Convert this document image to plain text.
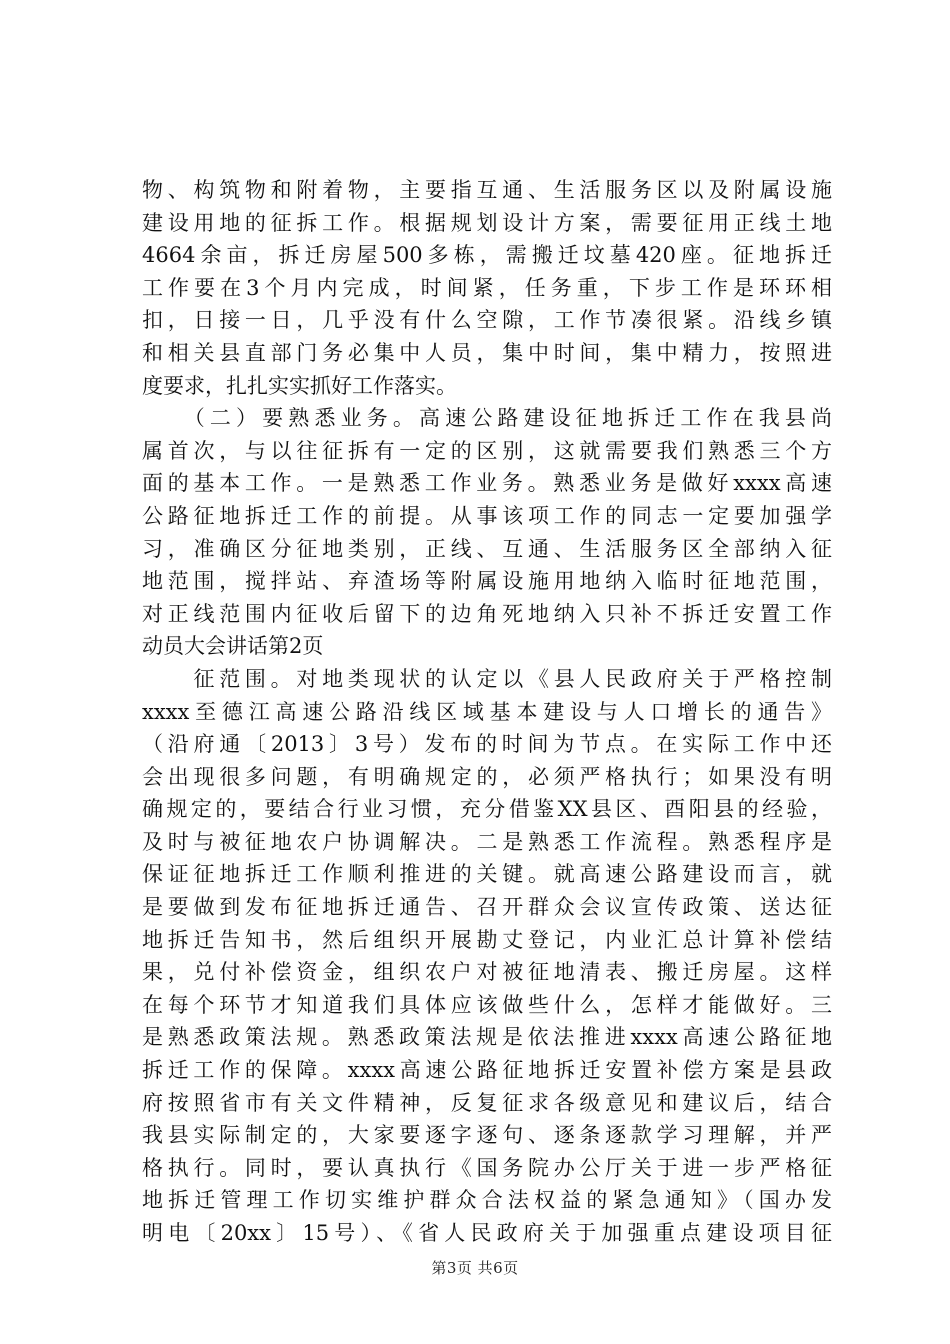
物、构筑物和附着物，主要指互通、生活服务区以及附属设施
建设用地的征拆工作。根据规划设计方案，需要征用正线土地
4664余亩，拆迁房屋500多栋，需搬迁坟墓420座。征地拆迁
工作要在3个月内完成，时间紧，任务重，下步工作是环环相
扣，日接一日，几乎没有什么空隙，工作节凑很紧。沿线乡镇
和相关县直部门务必集中人员，集中时间，集中精力，按照进
度要求，扎扎实实抓好工作落实。
　　（二）要熟悉业务。高速公路建设征地拆迁工作在我县尚
属首次，与以往征拆有一定的区别，这就需要我们熟悉三个方
面的基本工作。一是熟悉工作业务。熟悉业务是做好xxxx高速
公路征地拆迁工作的前提。从事该项工作的同志一定要加强学
习，准确区分征地类别，正线、互通、生活服务区全部纳入征
地范围，搅拌站、弃渣场等附属设施用地纳入临时征地范围，
对正线范围内征收后留下的边角死地纳入只补不拆迁安置工作
动员大会讲话第2页
　　征范围。对地类现状的认定以《县人民政府关于严格控制
xxxx至德江高速公路沿线区域基本建设与人口增长的通告》
（沿府通〔2013〕3号）发布的时间为节点。在实际工作中还
会出现很多问题，有明确规定的，必须严格执行；如果没有明
确规定的，要结合行业习惯，充分借鉴XX县区、酉阳县的经验，
及时与被征地农户协调解决。二是熟悉工作流程。熟悉程序是
保证征地拆迁工作顺利推进的关键。就高速公路建设而言，就
是要做到发布征地拆迁通告、召开群众会议宣传政策、送达征
地拆迁告知书，然后组织开展勘丈登记，内业汇总计算补偿结
果，兑付补偿资金，组织农户对被征地清表、搬迁房屋。这样
在每个环节才知道我们具体应该做些什么，怎样才能做好。三
是熟悉政策法规。熟悉政策法规是依法推进xxxx高速公路征地
拆迁工作的保障。xxxx高速公路征地拆迁安置补偿方案是县政
府按照省市有关文件精神，反复征求各级意见和建议后，结合
我县实际制定的，大家要逐字逐句、逐条逐款学习理解，并严
格执行。同时，要认真执行《国务院办公厅关于进一步严格征
地拆迁管理工作切实维护群众合法权益的紧急通知》（国办发
明电〔20xx〕15号）、《省人民政府关于加强重点建设项目征
第3页 共6页
